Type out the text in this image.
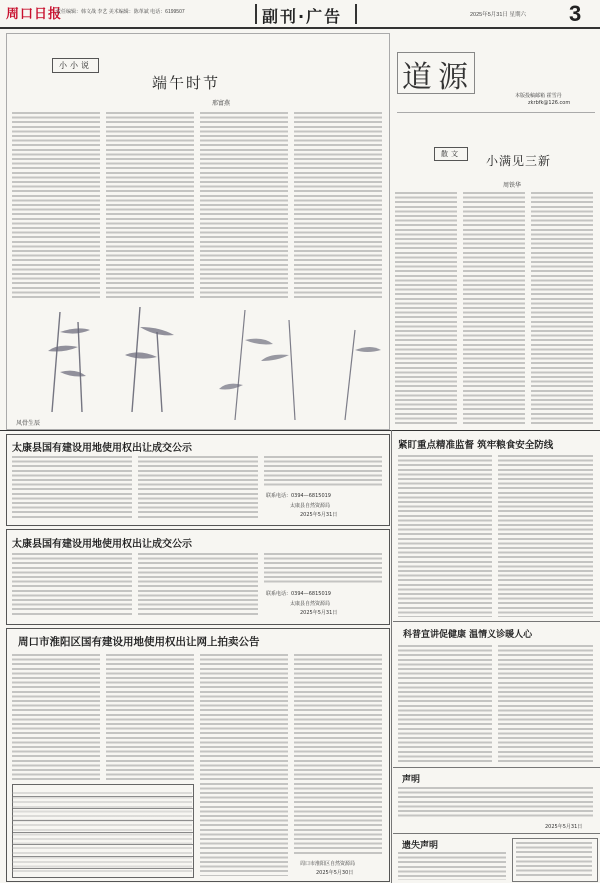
周口日报
责任编辑：韩文战 李艺 美术编辑：陈革斌 电话：6199507	副刊·广告	2025年5月31日 星期六 3
小小说
端午时节
邢富燕
风骨生辰
道源
本版投稿邮箱 霍雪丹
zkrbfk@126.com
散文	小满见三新
周铁华
太康县国有建设用地使用权出让成交公示
联系电话：0394—6815019
太康县自然资源局
2025年5月31日
太康县国有建设用地使用权出让成交公示
联系电话：0394—6815019
太康县自然资源局
2025年5月31日
周口市淮阳区国有建设用地使用权出让网上拍卖公告
周口市淮阳区自然资源局
2025年5月30日
紧盯重点精准监督 筑牢粮食安全防线
科普宣讲促健康 温情义诊暖人心
声明
2025年5月31日
遗失声明
